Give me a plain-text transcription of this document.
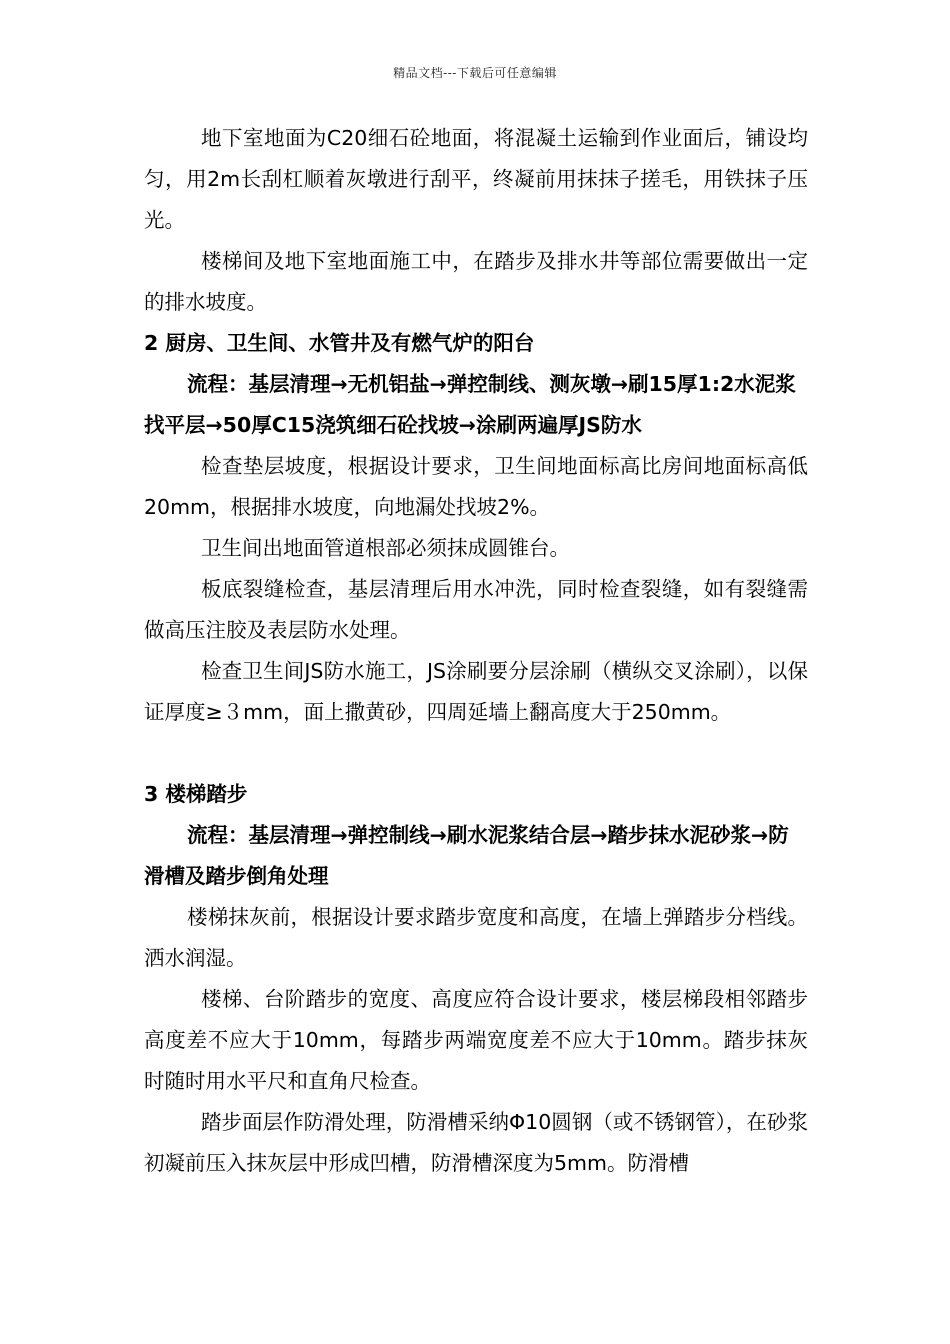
精品文档---下载后可任意编辑

地下室地面为C20细石砼地面，将混凝土运输到作业面后，铺设均匀，用2m长刮杠顺着灰墩进行刮平，终凝前用抹抹子搓毛，用铁抹子压光。

楼梯间及地下室地面施工中，在踏步及排水井等部位需要做出一定的排水坡度。

2 厨房、卫生间、水管井及有燃气炉的阳台

流程：基层清理→无机铝盐→弹控制线、测灰墩→刷15厚1:2水泥浆找平层→50厚C15浇筑细石砼找坡→涂刷两遍厚JS防水

检查垫层坡度，根据设计要求，卫生间地面标高比房间地面标高低20mm，根据排水坡度，向地漏处找坡2%。

卫生间出地面管道根部必须抹成圆锥台。

板底裂缝检查，基层清理后用水冲洗，同时检查裂缝，如有裂缝需做高压注胶及表层防水处理。

检查卫生间JS防水施工，JS涂刷要分层涂刷（横纵交叉涂刷），以保证厚度≥３mm，面上撒黄砂，四周延墙上翻高度大于250mm。

3 楼梯踏步

流程：基层清理→弹控制线→刷水泥浆结合层→踏步抹水泥砂浆→防滑槽及踏步倒角处理

楼梯抹灰前，根据设计要求踏步宽度和高度，在墙上弹踏步分档线。洒水润湿。

楼梯、台阶踏步的宽度、高度应符合设计要求，楼层梯段相邻踏步高度差不应大于10mm，每踏步两端宽度差不应大于10mm。踏步抹灰时随时用水平尺和直角尺检查。

踏步面层作防滑处理，防滑槽采纳Φ10圆钢（或不锈钢管），在砂浆初凝前压入抹灰层中形成凹槽，防滑槽深度为5mm。防滑槽
